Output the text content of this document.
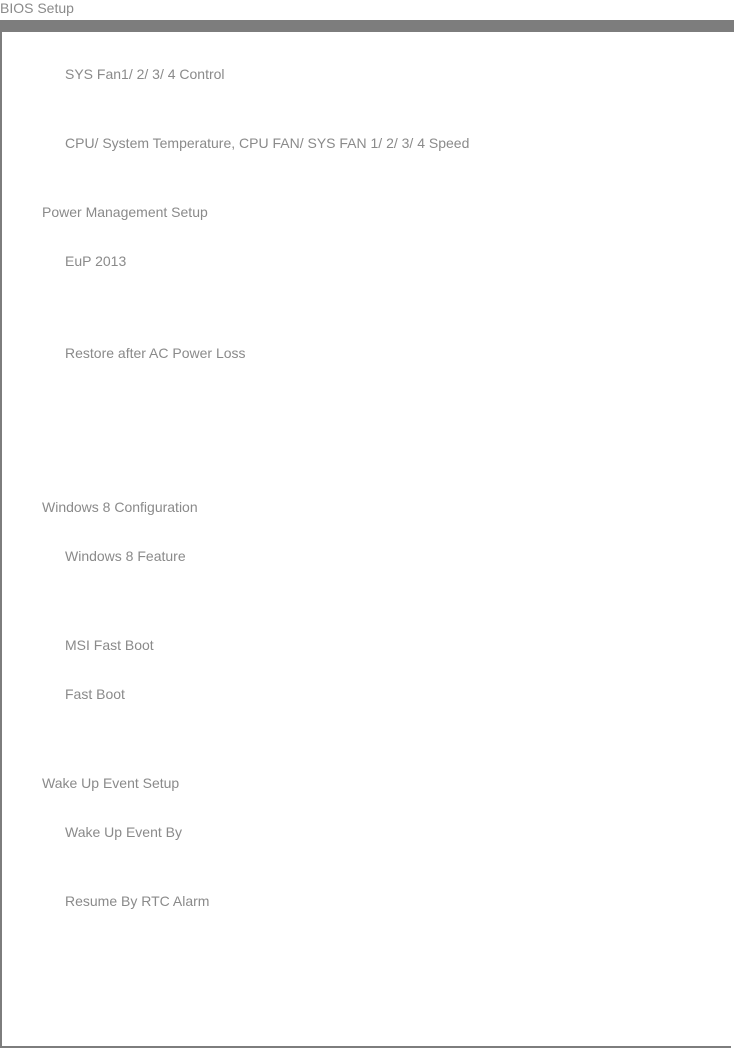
BIOS Setup
SYS Fan1/ 2/ 3/ 4 Control
CPU/ System Temperature, CPU FAN/ SYS FAN 1/ 2/ 3/ 4 Speed
Power Management Setup
EuP 2013
Restore after AC Power Loss
Windows 8 Configuration
Windows 8 Feature
MSI Fast Boot
Fast Boot
Wake Up Event Setup
Wake Up Event By
Resume By RTC Alarm
